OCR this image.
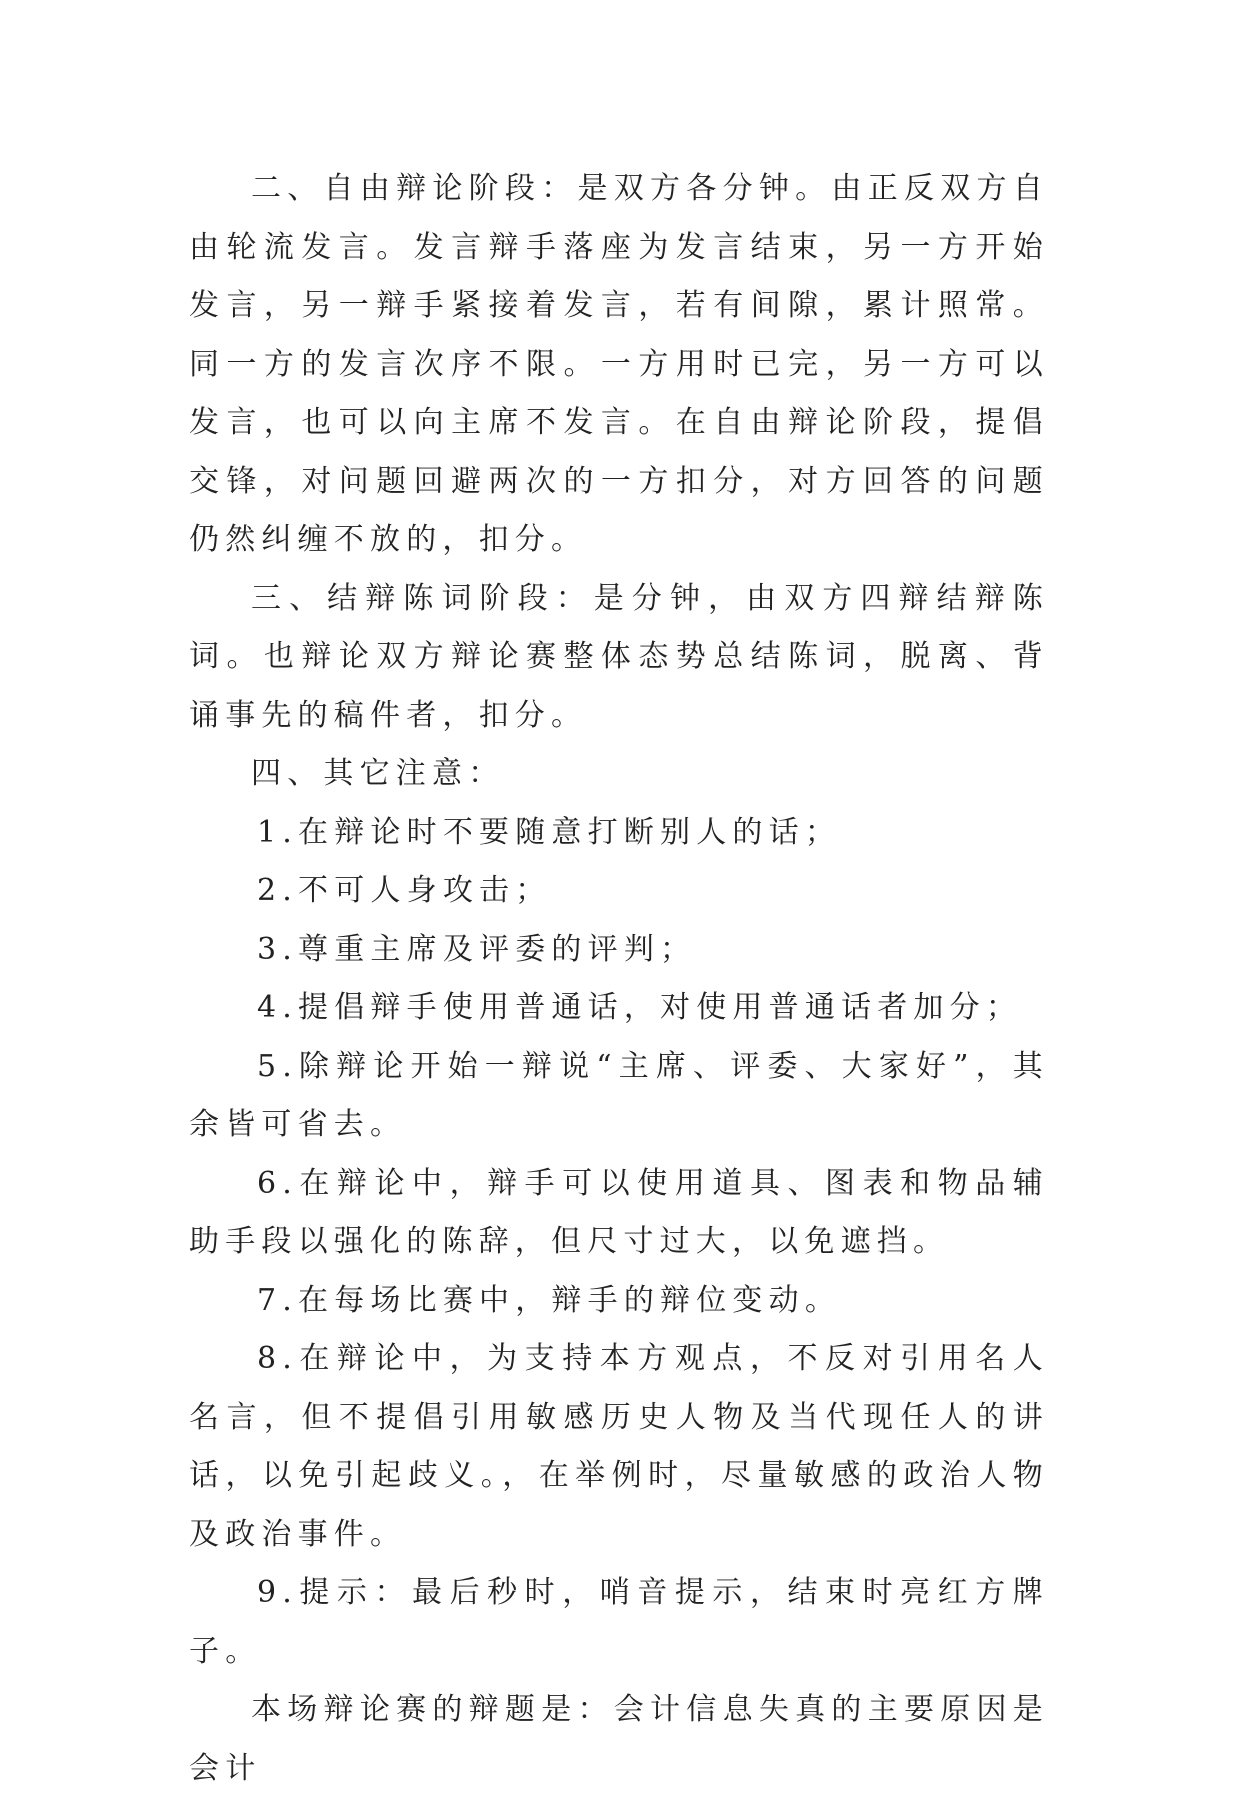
二、自由辩论阶段：是双方各分钟。由正反双方自由轮流发言。发言辩手落座为发言结束，另一方开始发言，另一辩手紧接着发言，若有间隙，累计照常。同一方的发言次序不限。一方用时已完，另一方可以发言，也可以向主席不发言。在自由辩论阶段，提倡交锋，对问题回避两次的一方扣分，对方回答的问题仍然纠缠不放的，扣分。

三、结辩陈词阶段：是分钟，由双方四辩结辩陈词。也辩论双方辩论赛整体态势总结陈词，脱离、背诵事先的稿件者，扣分。

四、其它注意：

1.在辩论时不要随意打断别人的话；

2.不可人身攻击；

3.尊重主席及评委的评判；

4.提倡辩手使用普通话，对使用普通话者加分；

5.除辩论开始一辩说“主席、评委、大家好”，其余皆可省去。

6.在辩论中，辩手可以使用道具、图表和物品辅助手段以强化的陈辞，但尺寸过大，以免遮挡。

7.在每场比赛中，辩手的辩位变动。

8.在辩论中，为支持本方观点，不反对引用名人名言，但不提倡引用敏感历史人物及当代现任人的讲话，以免引起歧义。，在举例时，尽量敏感的政治人物及政治事件。

9.提示：最后秒时，哨音提示，结束时亮红方牌子。

本场辩论赛的辩题是：会计信息失真的主要原因是会计
